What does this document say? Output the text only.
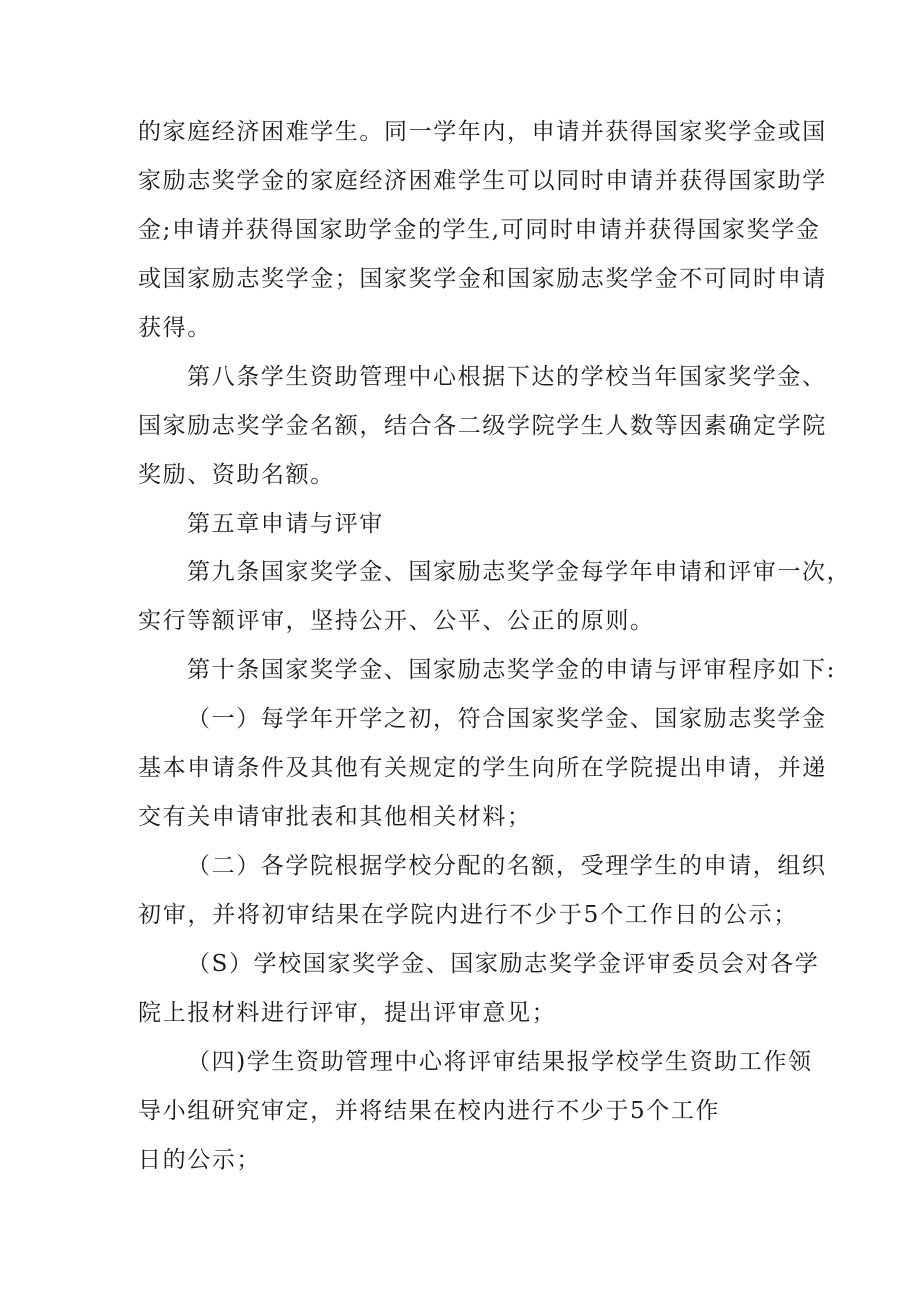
的家庭经济困难学生。同一学年内，申请并获得国家奖学金或国
家励志奖学金的家庭经济困难学生可以同时申请并获得国家助学
金;申请并获得国家助学金的学生,可同时申请并获得国家奖学金
或国家励志奖学金；国家奖学金和国家励志奖学金不可同时申请
获得。
第八条学生资助管理中心根据下达的学校当年国家奖学金、
国家励志奖学金名额，结合各二级学院学生人数等因素确定学院
奖励、资助名额。
第五章申请与评审
第九条国家奖学金、国家励志奖学金每学年申请和评审一次，
实行等额评审，坚持公开、公平、公正的原则。
第十条国家奖学金、国家励志奖学金的申请与评审程序如下:
（一）每学年开学之初，符合国家奖学金、国家励志奖学金
基本申请条件及其他有关规定的学生向所在学院提出申请，并递
交有关申请审批表和其他相关材料；
（二）各学院根据学校分配的名额，受理学生的申请，组织
初审，并将初审结果在学院内进行不少于5个工作日的公示；
（S）学校国家奖学金、国家励志奖学金评审委员会对各学
院上报材料进行评审，提出评审意见；
（四)学生资助管理中心将评审结果报学校学生资助工作领
导小组研究审定，并将结果在校内进行不少于5个工作
日的公示；
